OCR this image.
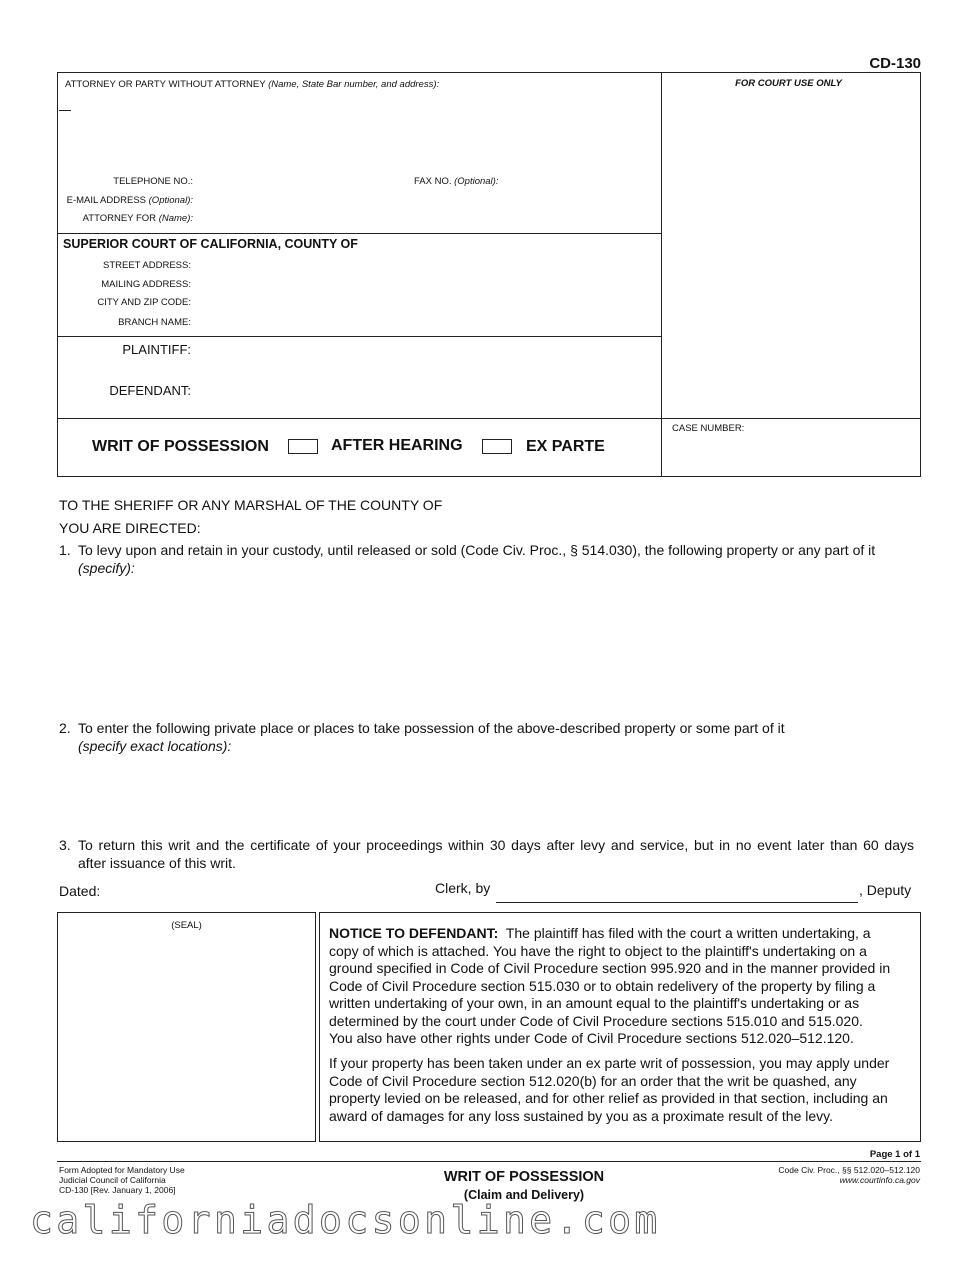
CD-130
ATTORNEY OR PARTY WITHOUT ATTORNEY (Name, State Bar number, and address):
TELEPHONE NO.:	FAX NO. (Optional):
E-MAIL ADDRESS (Optional):
ATTORNEY FOR (Name):
FOR COURT USE ONLY
SUPERIOR COURT OF CALIFORNIA, COUNTY OF
STREET ADDRESS:
MAILING ADDRESS:
CITY AND ZIP CODE:
BRANCH NAME:
PLAINTIFF:
DEFENDANT:
WRIT OF POSSESSION	AFTER HEARING	EX PARTE
CASE NUMBER:
TO THE SHERIFF OR ANY MARSHAL OF THE COUNTY OF
YOU ARE DIRECTED:
1. To levy upon and retain in your custody, until released or sold (Code Civ. Proc., § 514.030), the following property or any part of it
(specify):
2. To enter the following private place or places to take possession of the above-described property or some part of it
(specify exact locations):
3. To return this writ and the certificate of your proceedings within 30 days after levy and service, but in no event later than 60 days
after issuance of this writ.
Dated:	Clerk, by	, Deputy
(SEAL)	NOTICE TO DEFENDANT: The plaintiff has filed with the court a written undertaking, a
copy of which is attached. You have the right to object to the plaintiff's undertaking on a
ground specified in Code of Civil Procedure section 995.920 and in the manner provided in
Code of Civil Procedure section 515.030 or to obtain redelivery of the property by filing a
written undertaking of your own, in an amount equal to the plaintiff's undertaking or as
determined by the court under Code of Civil Procedure sections 515.010 and 515.020.
You also have other rights under Code of Civil Procedure sections 512.020–512.120.
If your property has been taken under an ex parte writ of possession, you may apply under
Code of Civil Procedure section 512.020(b) for an order that the writ be quashed, any
property levied on be released, and for other relief as provided in that section, including an
award of damages for any loss sustained by you as a proximate result of the levy.
Page 1 of 1
Form Adopted for Mandatory Use
Judicial Council of California
CD-130 [Rev. January 1, 2006]
WRIT OF POSSESSION
(Claim and Delivery)
Code Civ. Proc., §§ 512.020–512.120
www.courtinfo.ca.gov
californiadocsonline.com
